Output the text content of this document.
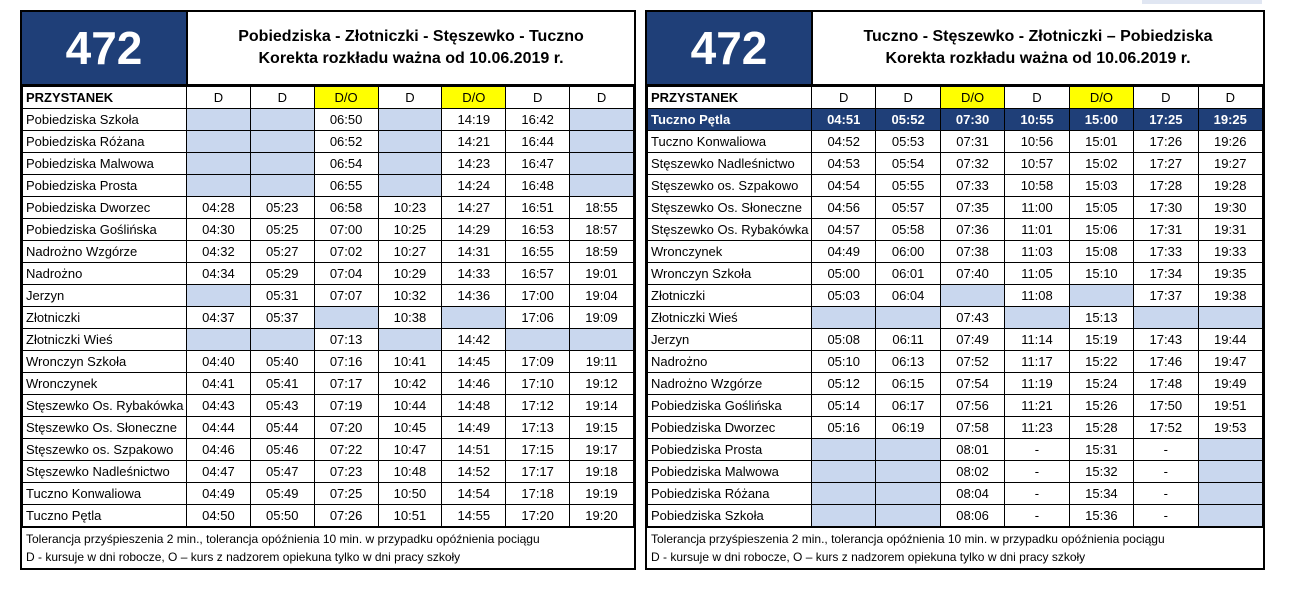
472	Pobiedziska - Złotniczki - Stęszewko - Tuczno
Korekta rozkładu ważna od 10.06.2019 r.
PRZYSTANEK	D	D	D/O	D	D/O	D	D
Pobiedziska Szkoła			06:50		14:19	16:42	
Pobiedziska Różana			06:52		14:21	16:44	
Pobiedziska Malwowa			06:54		14:23	16:47	
Pobiedziska Prosta			06:55		14:24	16:48	
Pobiedziska Dworzec	04:28	05:23	06:58	10:23	14:27	16:51	18:55
Pobiedziska Goślińska	04:30	05:25	07:00	10:25	14:29	16:53	18:57
Nadrożno Wzgórze	04:32	05:27	07:02	10:27	14:31	16:55	18:59
Nadrożno	04:34	05:29	07:04	10:29	14:33	16:57	19:01
Jerzyn		05:31	07:07	10:32	14:36	17:00	19:04
Złotniczki	04:37	05:37		10:38		17:06	19:09
Złotniczki Wieś			07:13		14:42		
Wronczyn Szkoła	04:40	05:40	07:16	10:41	14:45	17:09	19:11
Wronczynek	04:41	05:41	07:17	10:42	14:46	17:10	19:12
Stęszewko Os. Rybakówka	04:43	05:43	07:19	10:44	14:48	17:12	19:14
Stęszewko Os. Słoneczne	04:44	05:44	07:20	10:45	14:49	17:13	19:15
Stęszewko os. Szpakowo	04:46	05:46	07:22	10:47	14:51	17:15	19:17
Stęszewko Nadleśnictwo	04:47	05:47	07:23	10:48	14:52	17:17	19:18
Tuczno Konwaliowa	04:49	05:49	07:25	10:50	14:54	17:18	19:19
Tuczno Pętla	04:50	05:50	07:26	10:51	14:55	17:20	19:20
Tolerancja przyśpieszenia 2 min., tolerancja opóźnienia 10 min. w przypadku opóźnienia pociągu
D - kursuje w dni robocze, O – kurs z nadzorem opiekuna tylko w dni pracy szkoły
472	Tuczno - Stęszewko - Złotniczki – Pobiedziska
Korekta rozkładu ważna od 10.06.2019 r.
PRZYSTANEK	D	D	D/O	D	D/O	D	D
Tuczno Pętla	04:51	05:52	07:30	10:55	15:00	17:25	19:25
Tuczno Konwaliowa	04:52	05:53	07:31	10:56	15:01	17:26	19:26
Stęszewko Nadleśnictwo	04:53	05:54	07:32	10:57	15:02	17:27	19:27
Stęszewko os. Szpakowo	04:54	05:55	07:33	10:58	15:03	17:28	19:28
Stęszewko Os. Słoneczne	04:56	05:57	07:35	11:00	15:05	17:30	19:30
Stęszewko Os. Rybakówka	04:57	05:58	07:36	11:01	15:06	17:31	19:31
Wronczynek	04:49	06:00	07:38	11:03	15:08	17:33	19:33
Wronczyn Szkoła	05:00	06:01	07:40	11:05	15:10	17:34	19:35
Złotniczki	05:03	06:04		11:08		17:37	19:38
Złotniczki Wieś			07:43		15:13		
Jerzyn	05:08	06:11	07:49	11:14	15:19	17:43	19:44
Nadrożno	05:10	06:13	07:52	11:17	15:22	17:46	19:47
Nadrożno Wzgórze	05:12	06:15	07:54	11:19	15:24	17:48	19:49
Pobiedziska Goślińska	05:14	06:17	07:56	11:21	15:26	17:50	19:51
Pobiedziska Dworzec	05:16	06:19	07:58	11:23	15:28	17:52	19:53
Pobiedziska Prosta			08:01	-	15:31	-	
Pobiedziska Malwowa			08:02	-	15:32	-	
Pobiedziska Różana			08:04	-	15:34	-	
Pobiedziska Szkoła			08:06	-	15:36	-	
Tolerancja przyśpieszenia 2 min., tolerancja opóźnienia 10 min. w przypadku opóźnienia pociągu
D - kursuje w dni robocze, O – kurs z nadzorem opiekuna tylko w dni pracy szkoły
